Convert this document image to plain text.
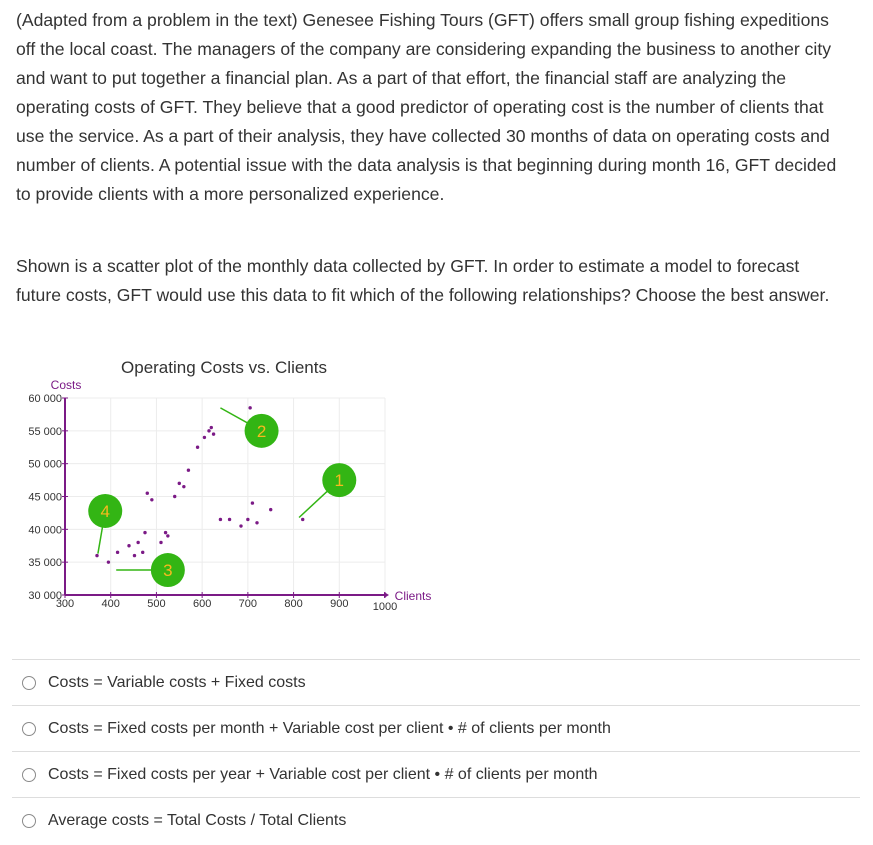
(Adapted from a problem in the text) Genesee Fishing Tours (GFT) offers small group fishing expeditions off the local coast. The managers of the company are considering expanding the business to another city and want to put together a financial plan. As a part of that effort, the financial staff are analyzing the operating costs of GFT. They believe that a good predictor of operating cost is the number of clients that use the service. As a part of their analysis, they have collected 30 months of data on operating costs and number of clients. A potential issue with the data analysis is that beginning during month 16, GFT decided to provide clients with a more personalized experience.

Shown is a scatter plot of the monthly data collected by GFT. In order to estimate a model to forecast future costs, GFT would use this data to fit which of the following relationships? Choose the best answer.

300 400 500 600 700 800 900 1000
30 000
35 000
40 000
45 000
50 000
55 000
60 000
1
2
3
4
Operating Costs vs. Clients
Costs
Clients
Costs = Variable costs + Fixed costs
Costs = Fixed costs per month + Variable cost per client • # of clients per month
Costs = Fixed costs per year + Variable cost per client • # of clients per month
Average costs = Total Costs / Total Clients
